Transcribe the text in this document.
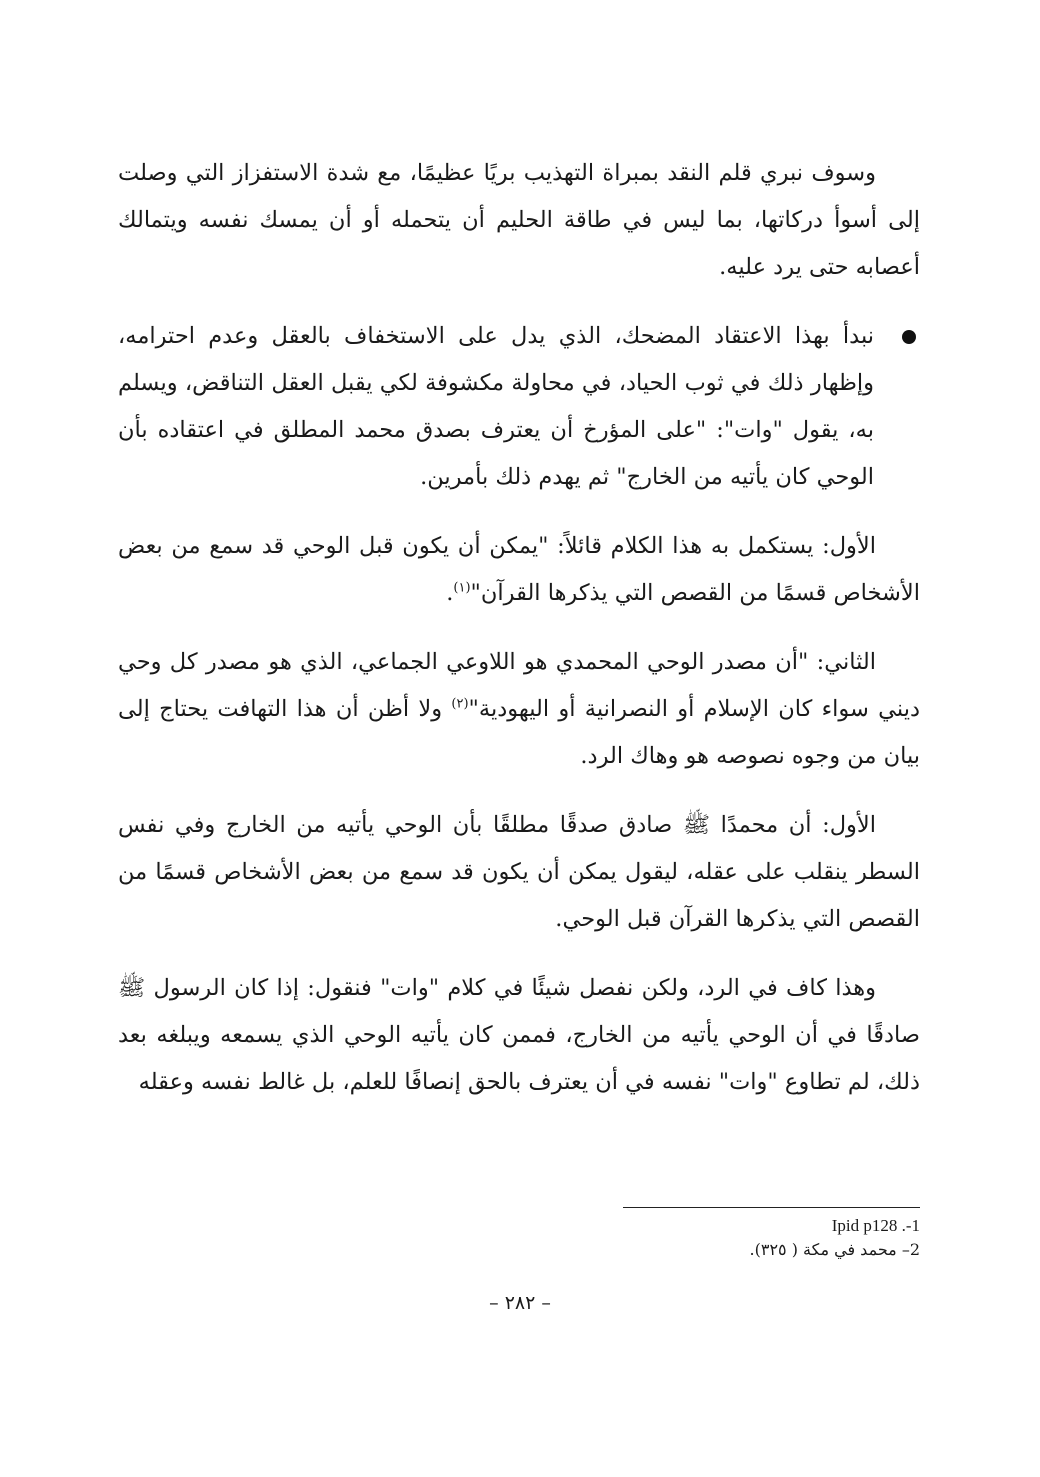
وسوف نبري قلم النقد بمبراة التهذيب بريًا عظيمًا، مع شدة الاستفزاز التي وصلت إلى أسوأ دركاتها، بما ليس في طاقة الحليم أن يتحمله أو أن يمسك نفسه ويتمالك أعصابه حتى يرد عليه.

نبدأ بهذا الاعتقاد المضحك، الذي يدل على الاستخفاف بالعقل وعدم احترامه، وإظهار ذلك في ثوب الحياد، في محاولة مكشوفة لكي يقبل العقل التناقض، ويسلم به، يقول "وات": "على المؤرخ أن يعترف بصدق محمد المطلق في اعتقاده بأن الوحي كان يأتيه من الخارج" ثم يهدم ذلك بأمرين.

الأول: يستكمل به هذا الكلام قائلاً: "يمكن أن يكون قبل الوحي قد سمع من بعض الأشخاص قسمًا من القصص التي يذكرها القرآن"$^{(١)}$.

الثاني: "أن مصدر الوحي المحمدي هو اللاوعي الجماعي، الذي هو مصدر كل وحي ديني سواء كان الإسلام أو النصرانية أو اليهودية"$^{(٢)}$ ولا أظن أن هذا التهافت يحتاج إلى بيان من وجوه نصوصه هو وهاك الرد.

الأول: أن محمدًا ﷺ صادق صدقًا مطلقًا بأن الوحي يأتيه من الخارج وفي نفس السطر ينقلب على عقله، ليقول يمكن أن يكون قد سمع من بعض الأشخاص قسمًا من القصص التي يذكرها القرآن قبل الوحي.

وهذا كاف في الرد، ولكن نفصل شيئًا في كلام "وات" فنقول: إذا كان الرسول ﷺ صادقًا في أن الوحي يأتيه من الخارج، فممن كان يأتيه الوحي الذي يسمعه ويبلغه بعد ذلك، لم تطاوع "وات" نفسه في أن يعترف بالحق إنصافًا للعلم، بل غالط نفسه وعقله

Ipid p128 .-1
2– محمد في مكة ( ٣٢٥).
– ٢٨٢ –
